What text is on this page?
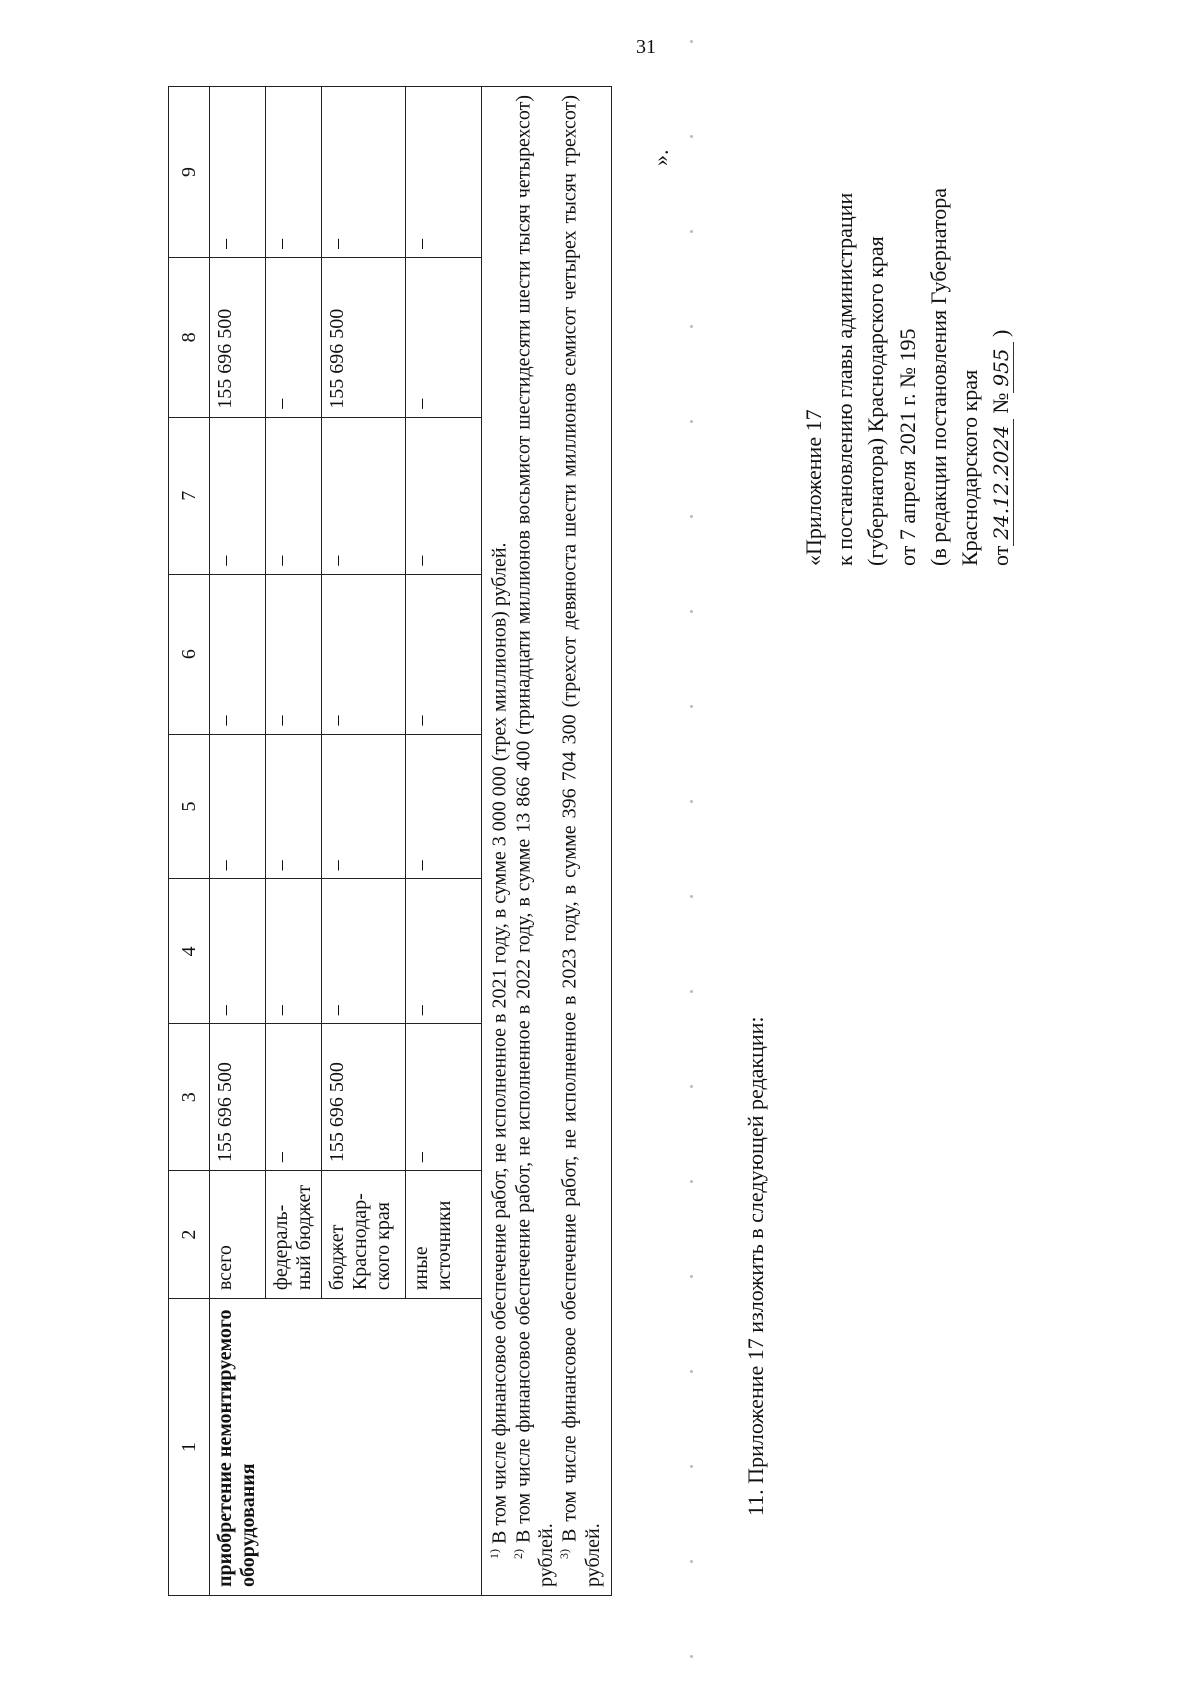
31
1	2	3	4	5	6	7	8	9
приобретение немонтируемого оборудования	всего	155 696 500	–	–	–	–	155 696 500	–
	федераль-ный бюджет	–	–	–	–	–	–	–
	бюджет Краснодар-ского края	155 696 500	–	–	–	–	155 696 500	–
	иные источники	–	–	–	–	–	–	–

$^{1)}$ В том числе финансовое обеспечение работ, не исполненное в 2021 году, в сумме 3 000 000 (трех миллионов) рублей.

$^{2)}$ В том числе финансовое обеспечение работ, не исполненное в 2022 году, в сумме 13 866 400 (тринадцати миллионов восьмисот шестидесяти шести тысяч четырехсот) рублей. $^{3)}$ В том числе финансовое обеспечение работ, не исполненное в 2023 году, в сумме 396 704 300 (трехсот девяноста шести миллионов семисот четырех тысяч трехсот) рублей.								

».
11. Приложение 17 изложить в следующей редакции:
«Приложение 17 к постановлению главы администрации (губернатора) Краснодарского края от 7 апреля 2021 г. № 195 (в редакции постановления Губернатора Краснодарского края от24.12.2024 №955 )
